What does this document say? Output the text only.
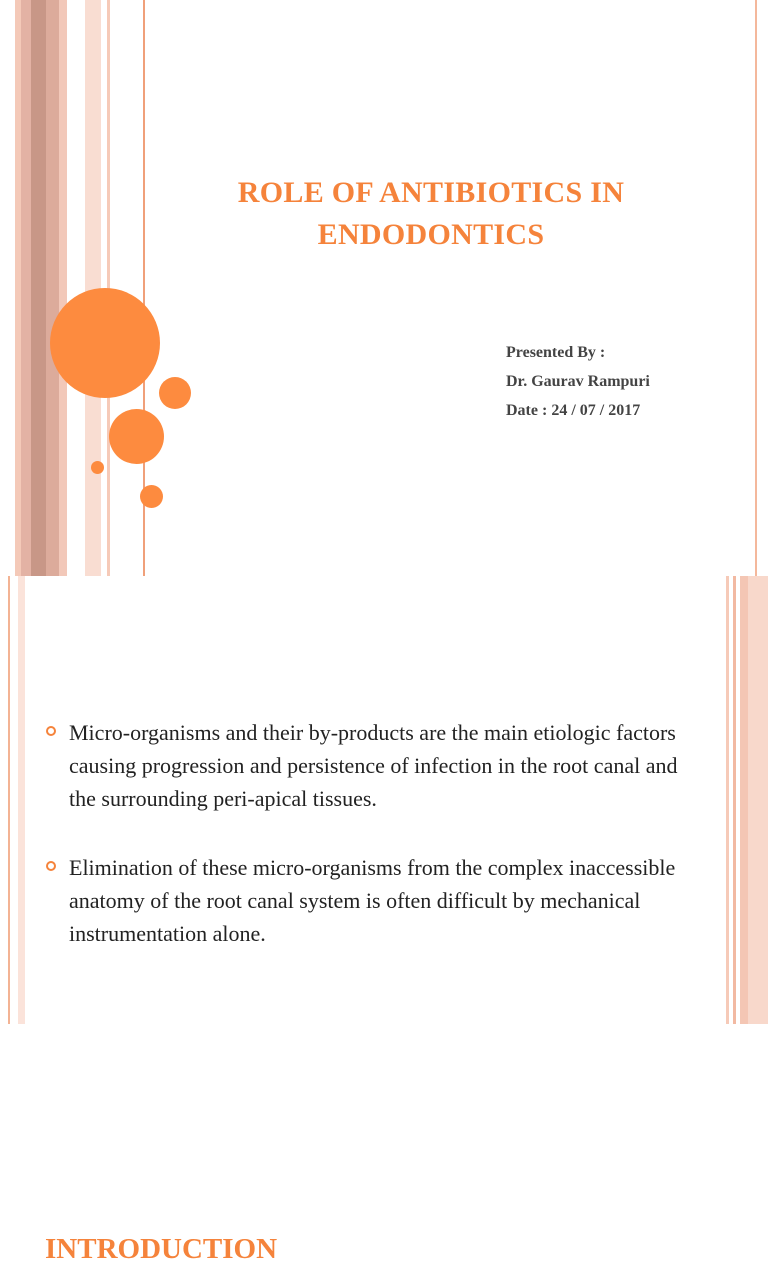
ROLE OF ANTIBIOTICS IN
ENDODONTICS
Presented By :
Dr. Gaurav Rampuri
Date : 24 / 07 / 2017
INTRODUCTION
Micro-organisms and their by-products are the main etiologic factors causing progression and persistence of infection in the root canal and the surrounding peri-apical tissues.
Elimination of these micro-organisms from the complex inaccessible anatomy of the root canal system is often difficult by mechanical instrumentation alone.
